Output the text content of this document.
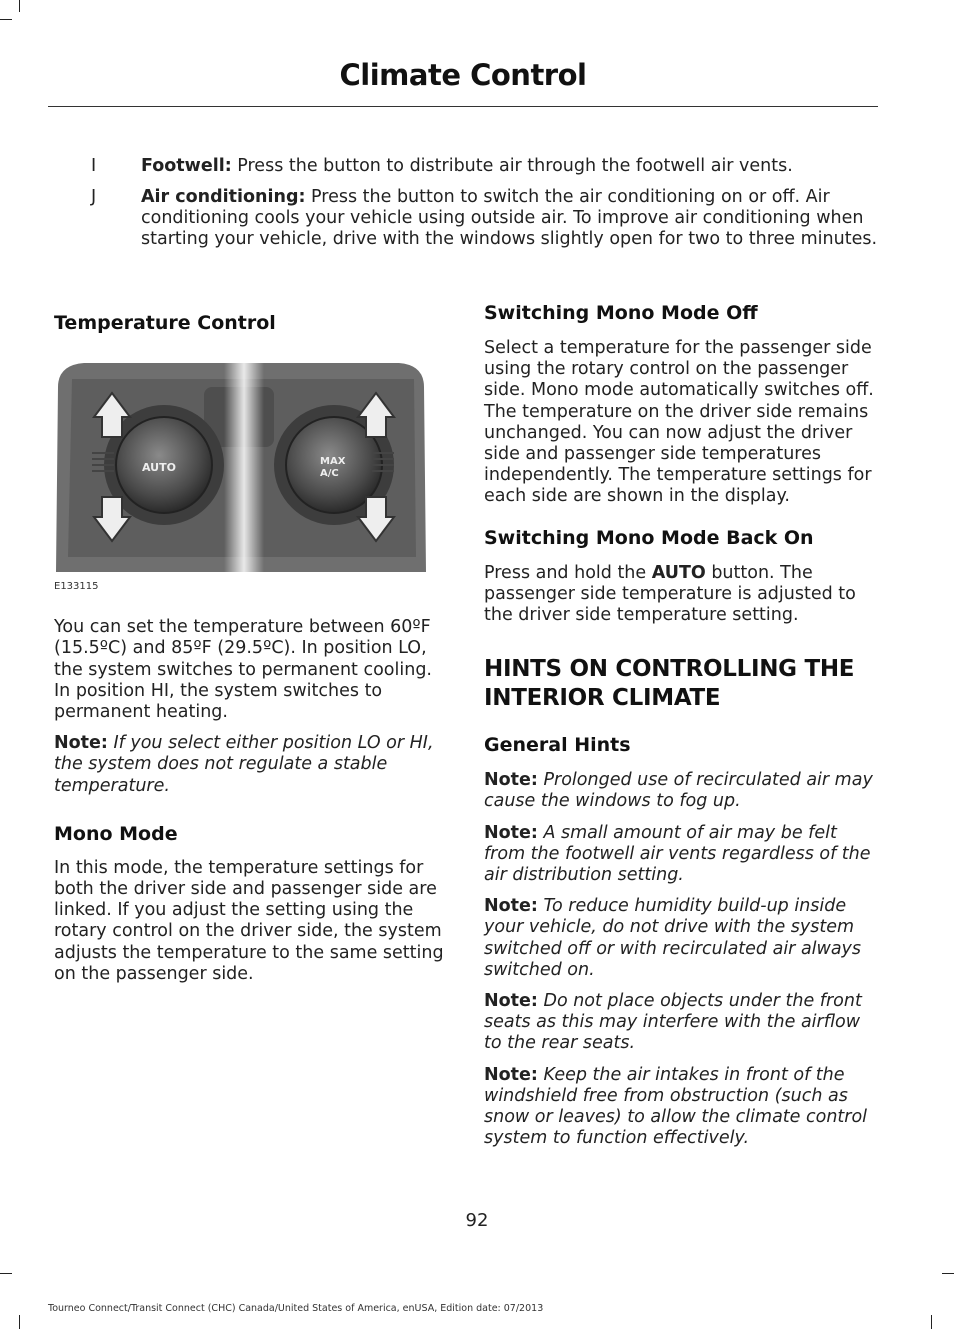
Climate Control
I	Footwell: Press the button to distribute air through the footwell air vents.
J	Air conditioning: Press the button to switch the air conditioning on or off. Air conditioning cools your vehicle using outside air. To improve air conditioning when starting your vehicle, drive with the windows slightly open for two to three minutes.
Temperature Control
AUTO	MAX
A/C
E133115

You can set the temperature between 60ºF (15.5ºC) and 85ºF (29.5ºC). In position LO, the system switches to permanent cooling. In position HI, the system switches to permanent heating.

Note: If you select either position LO or HI, the system does not regulate a stable temperature.

Mono Mode

In this mode, the temperature settings for both the driver side and passenger side are linked. If you adjust the setting using the rotary control on the driver side, the system adjusts the temperature to the same setting on the passenger side.

Switching Mono Mode Off

Select a temperature for the passenger side using the rotary control on the passenger side. Mono mode automatically switches off. The temperature on the driver side remains unchanged. You can now adjust the driver side and passenger side temperatures independently. The temperature settings for each side are shown in the display.

Switching Mono Mode Back On

Press and hold the AUTO button. The passenger side temperature is adjusted to the driver side temperature setting.

HINTS ON CONTROLLING THE INTERIOR CLIMATE
General Hints

Note: Prolonged use of recirculated air may cause the windows to fog up.

Note: A small amount of air may be felt from the footwell air vents regardless of the air distribution setting.

Note: To reduce humidity build-up inside your vehicle, do not drive with the system switched off or with recirculated air always switched on.

Note: Do not place objects under the front seats as this may interfere with the airflow to the rear seats.

Note: Keep the air intakes in front of the windshield free from obstruction (such as snow or leaves) to allow the climate control system to function effectively.

92
Tourneo Connect/Transit Connect (CHC) Canada/United States of America, enUSA, Edition date: 07/2013
